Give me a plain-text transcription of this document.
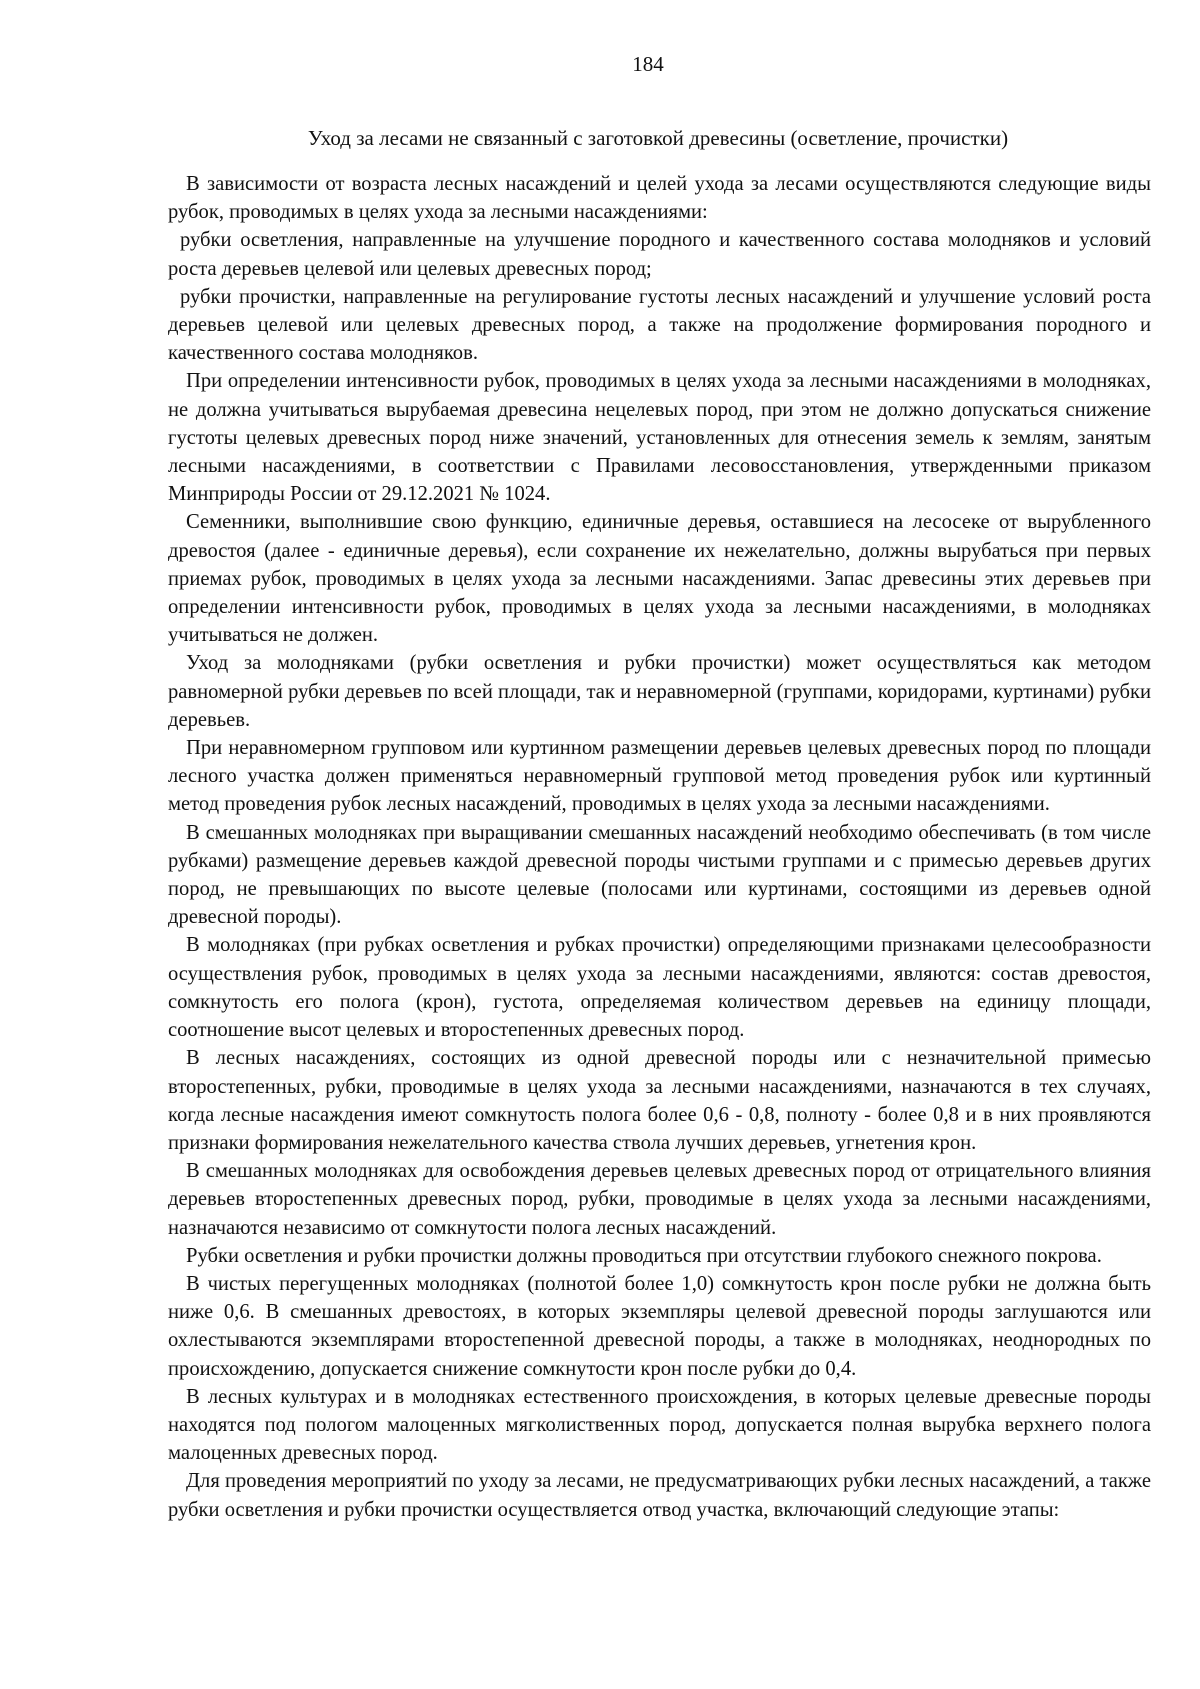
184
Уход за лесами не связанный с заготовкой древесины (осветление, прочистки)

В зависимости от возраста лесных насаждений и целей ухода за лесами осуществляются следующие виды рубок, проводимых в целях ухода за лесными насаждениями:

рубки осветления, направленные на улучшение породного и качественного состава молодняков и условий роста деревьев целевой или целевых древесных пород;

рубки прочистки, направленные на регулирование густоты лесных насаждений и улучшение условий роста деревьев целевой или целевых древесных пород, а также на продолжение формирования породного и качественного состава молодняков.

При определении интенсивности рубок, проводимых в целях ухода за лесными насаждениями в молодняках, не должна учитываться вырубаемая древесина нецелевых пород, при этом не должно допускаться снижение густоты целевых древесных пород ниже значений, установленных для отнесения земель к землям, занятым лесными насаждениями, в соответствии с Правилами лесовосстановления, утвержденными приказом Минприроды России от 29.12.2021 № 1024.

Семенники, выполнившие свою функцию, единичные деревья, оставшиеся на лесосеке от вырубленного древостоя (далее - единичные деревья), если сохранение их нежелательно, должны вырубаться при первых приемах рубок, проводимых в целях ухода за лесными насаждениями. Запас древесины этих деревьев при определении интенсивности рубок, проводимых в целях ухода за лесными насаждениями, в молодняках учитываться не должен.

Уход за молодняками (рубки осветления и рубки прочистки) может осуществляться как методом равномерной рубки деревьев по всей площади, так и неравномерной (группами, коридорами, куртинами) рубки деревьев.

При неравномерном групповом или куртинном размещении деревьев целевых древесных пород по площади лесного участка должен применяться неравномерный групповой метод проведения рубок или куртинный метод проведения рубок лесных насаждений, проводимых в целях ухода за лесными насаждениями.

В смешанных молодняках при выращивании смешанных насаждений необходимо обеспечивать (в том числе рубками) размещение деревьев каждой древесной породы чистыми группами и с примесью деревьев других пород, не превышающих по высоте целевые (полосами или куртинами, состоящими из деревьев одной древесной породы).

В молодняках (при рубках осветления и рубках прочистки) определяющими признаками целесообразности осуществления рубок, проводимых в целях ухода за лесными насаждениями, являются: состав древостоя, сомкнутость его полога (крон), густота, определяемая количеством деревьев на единицу площади, соотношение высот целевых и второстепенных древесных пород.

В лесных насаждениях, состоящих из одной древесной породы или с незначительной примесью второстепенных, рубки, проводимые в целях ухода за лесными насаждениями, назначаются в тех случаях, когда лесные насаждения имеют сомкнутость полога более 0,6 - 0,8, полноту - более 0,8 и в них проявляются признаки формирования нежелательного качества ствола лучших деревьев, угнетения крон.

В смешанных молодняках для освобождения деревьев целевых древесных пород от отрицательного влияния деревьев второстепенных древесных пород, рубки, проводимые в целях ухода за лесными насаждениями, назначаются независимо от сомкнутости полога лесных насаждений.

Рубки осветления и рубки прочистки должны проводиться при отсутствии глубокого снежного покрова.

В чистых перегущенных молодняках (полнотой более 1,0) сомкнутость крон после рубки не должна быть ниже 0,6. В смешанных древостоях, в которых экземпляры целевой древесной породы заглушаются или охлестываются экземплярами второстепенной древесной породы, а также в молодняках, неоднородных по происхождению, допускается снижение сомкнутости крон после рубки до 0,4.

В лесных культурах и в молодняках естественного происхождения, в которых целевые древесные породы находятся под пологом малоценных мягколиственных пород, допускается полная вырубка верхнего полога малоценных древесных пород.

Для проведения мероприятий по уходу за лесами, не предусматривающих рубки лесных насаждений, а также рубки осветления и рубки прочистки осуществляется отвод участка, включающий следующие этапы:
